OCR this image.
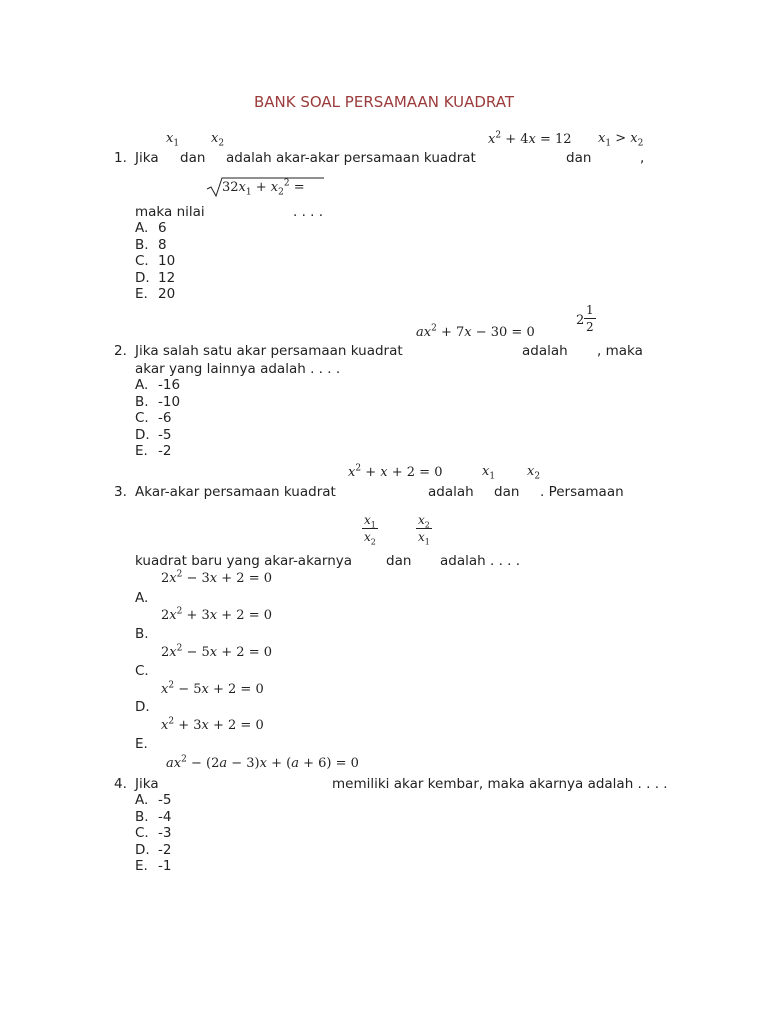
BANK SOAL PERSAMAAN KUADRAT
$x_1$ $x_2$	$x^2 + 4x = 12$ $x_1 > x_2$
1. Jika dan adalah akar-akar persamaan kuadrat	dan	,
$32x_1 + x_2^2$ =
maka nilai	. . . .
A. 6
B. 8
C. 10
D. 12
E. 20
$ax^2 + 7x - 30 = 0$
$2 \frac{1}{2}$
2. Jika salah satu akar persamaan kuadrat	adalah , maka
akar yang lainnya adalah . . . .
A. -16
B. -10
C. -6
D. -5
E. -2
$x^2 + x + 2 = 0$	$x_1$ $x_2$
3. Akar-akar persamaan kuadrat	adalah dan . Persamaan
$\frac{x_1}{x_2}$	$\frac{x_2}{x_1}$
kuadrat baru yang akar-akarnya	dan adalah . . . .
$2x^2 - 3x + 2 = 0$
A.
$2x^2 + 3x + 2 = 0$
B.
$2x^2 - 5x + 2 = 0$
C.
$x^2 - 5x + 2 = 0$
D.
$x^2 + 3x + 2 = 0$
E.
$ax^2 - (2a - 3)x + (a + 6) = 0$
4. Jika	memiliki akar kembar, maka akarnya adalah . . . .
A. -5
B. -4
C. -3
D. -2
E. -1
